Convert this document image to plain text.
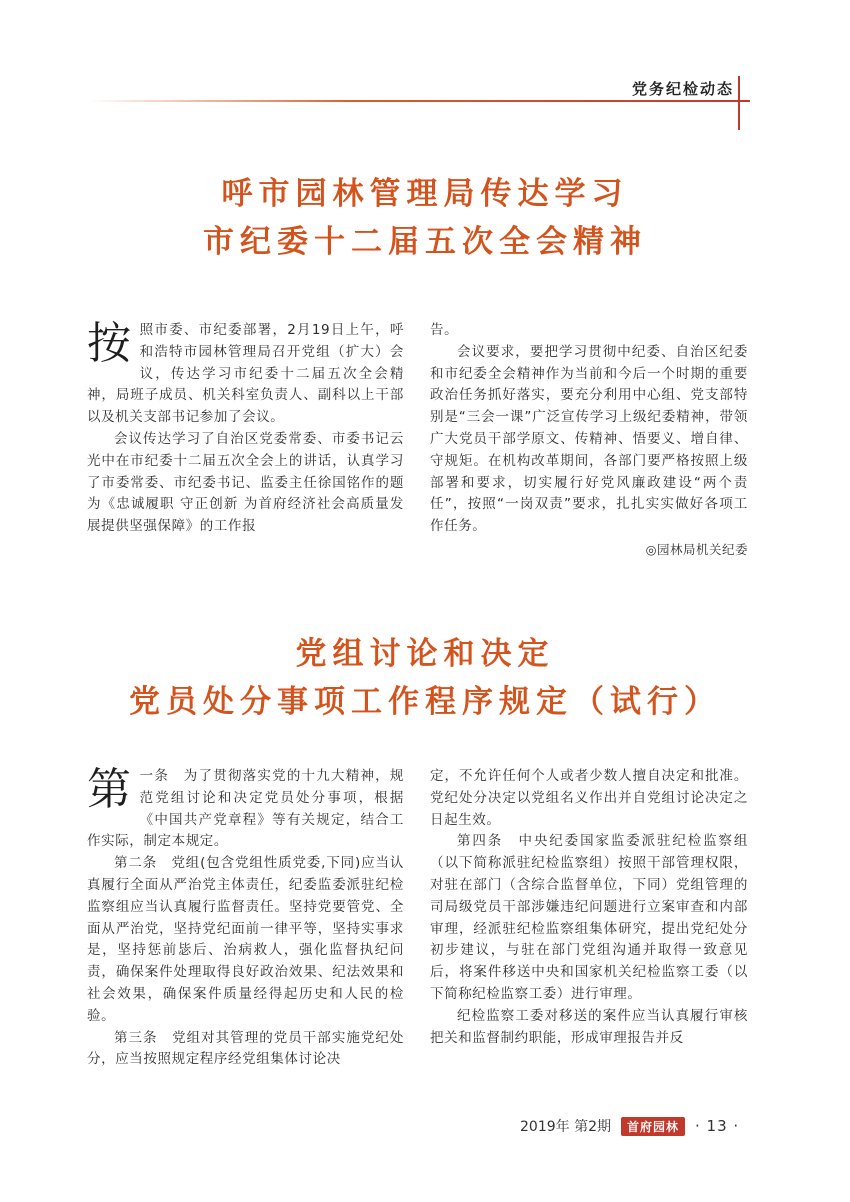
党务纪检动态
呼市园林管理局传达学习
市纪委十二届五次全会精神
按 照市委、市纪委部署，2月19日上午，呼和浩特市园林管理局召开党组（扩大）会议，传达学习市纪委十二届五次全会精神，局班子成员、机关科室负责人、副科以上干部以及机关支部书记参加了会议。

会议传达学习了自治区党委常委、市委书记云光中在市纪委十二届五次全会上的讲话，认真学习了市委常委、市纪委书记、监委主任徐国铭作的题为《忠诚履职 守正创新 为首府经济社会高质量发展提供坚强保障》的工作报

告。

会议要求，要把学习贯彻中纪委、自治区纪委和市纪委全会精神作为当前和今后一个时期的重要政治任务抓好落实，要充分利用中心组、党支部特别是“三会一课”广泛宣传学习上级纪委精神，带领广大党员干部学原文、传精神、悟要义、增自律、守规矩。在机构改革期间，各部门要严格按照上级部署和要求，切实履行好党风廉政建设“两个责任”，按照“一岗双责”要求，扎扎实实做好各项工作任务。

◎园林局机关纪委
党组讨论和决定
党员处分事项工作程序规定（试行）
第 一条　为了贯彻落实党的十九大精神，规范党组讨论和决定党员处分事项，根据《中国共产党章程》等有关规定，结合工作实际，制定本规定。

第二条　党组(包含党组性质党委,下同)应当认真履行全面从严治党主体责任，纪委监委派驻纪检监察组应当认真履行监督责任。坚持党要管党、全面从严治党，坚持党纪面前一律平等，坚持实事求是，坚持惩前毖后、治病救人，强化监督执纪问责，确保案件处理取得良好政治效果、纪法效果和社会效果，确保案件质量经得起历史和人民的检验。

第三条　党组对其管理的党员干部实施党纪处分，应当按照规定程序经党组集体讨论决

定，不允许任何个人或者少数人擅自决定和批准。党纪处分决定以党组名义作出并自党组讨论决定之日起生效。

第四条　中央纪委国家监委派驻纪检监察组（以下简称派驻纪检监察组）按照干部管理权限，对驻在部门（含综合监督单位，下同）党组管理的司局级党员干部涉嫌违纪问题进行立案审查和内部审理，经派驻纪检监察组集体研究，提出党纪处分初步建议，与驻在部门党组沟通并取得一致意见后，将案件移送中央和国家机关纪检监察工委（以下简称纪检监察工委）进行审理。

纪检监察工委对移送的案件应当认真履行审核把关和监督制约职能，形成审理报告并反

2019年 第2期	首府园林	· 13 ·
